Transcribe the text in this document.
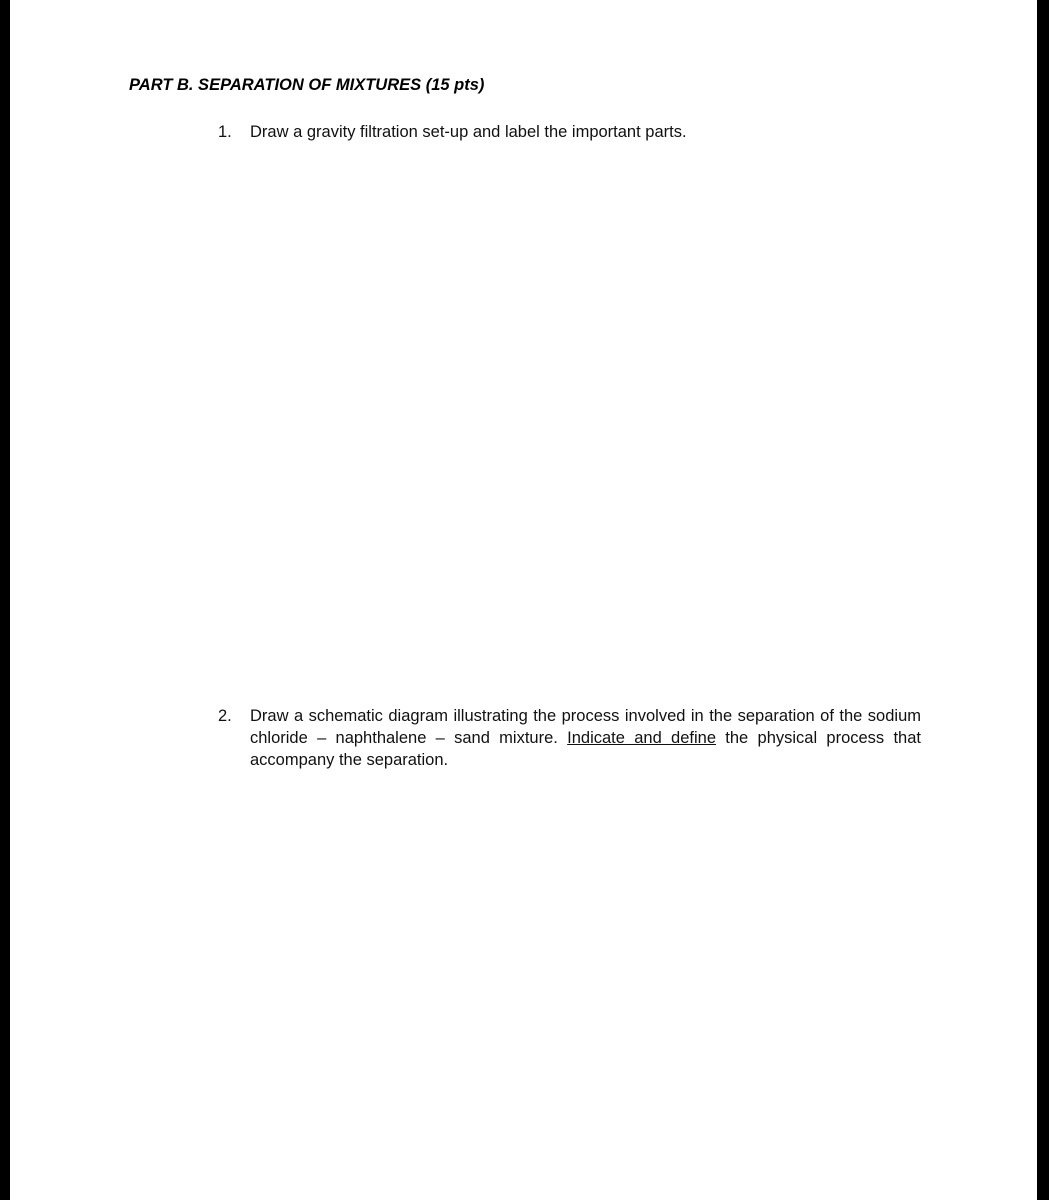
PART B. SEPARATION OF MIXTURES (15 pts)
1. Draw a gravity filtration set-up and label the important parts.
2. Draw a schematic diagram illustrating the process involved in the separation of the sodium chloride – naphthalene – sand mixture. Indicate and define the physical process that accompany the separation.
